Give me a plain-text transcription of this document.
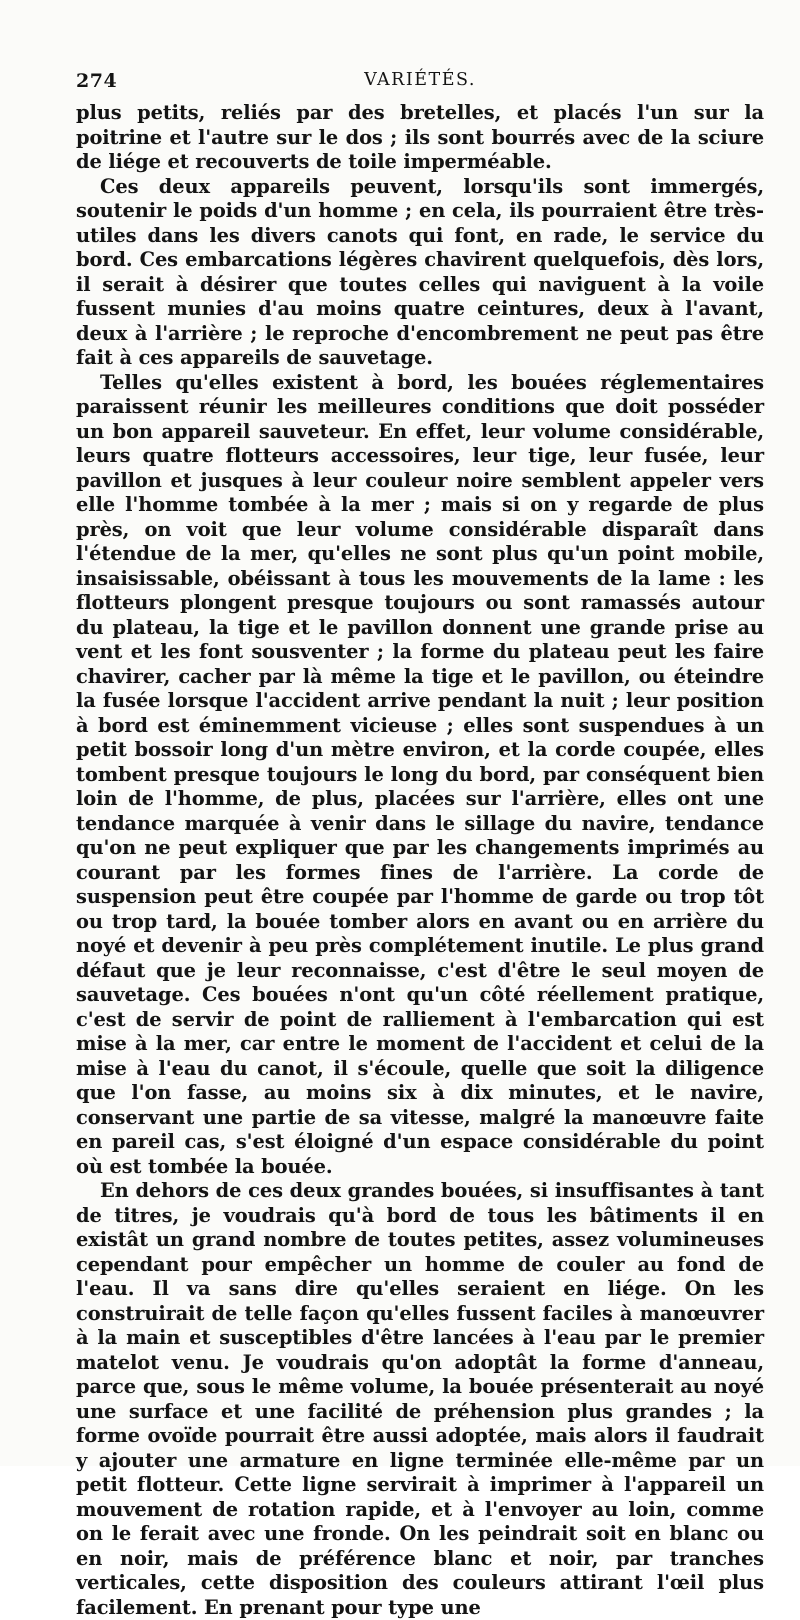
274	VARIÉTÉS.

plus petits, reliés par des bretelles, et placés l'un sur la poitrine et l'autre sur le dos ; ils sont bourrés avec de la sciure de liége et recouverts de toile imperméable.

Ces deux appareils peuvent, lorsqu'ils sont immergés, soutenir le poids d'un homme ; en cela, ils pourraient être très-utiles dans les divers canots qui font, en rade, le service du bord. Ces embarcations légères chavirent quelquefois, dès lors, il serait à désirer que toutes celles qui naviguent à la voile fussent munies d'au moins quatre ceintures, deux à l'avant, deux à l'arrière ; le reproche d'encombrement ne peut pas être fait à ces appareils de sauvetage.

Telles qu'elles existent à bord, les bouées réglementaires paraissent réunir les meilleures conditions que doit posséder un bon appareil sauveteur. En effet, leur volume considérable, leurs quatre flotteurs accessoires, leur tige, leur fusée, leur pavillon et jusques à leur couleur noire semblent appeler vers elle l'homme tombée à la mer ; mais si on y regarde de plus près, on voit que leur volume considérable disparaît dans l'étendue de la mer, qu'elles ne sont plus qu'un point mobile, insaisissable, obéissant à tous les mouvements de la lame : les flotteurs plongent presque toujours ou sont ramassés autour du plateau, la tige et le pavillon donnent une grande prise au vent et les font sousventer ; la forme du plateau peut les faire chavirer, cacher par là même la tige et le pavillon, ou éteindre la fusée lorsque l'accident arrive pendant la nuit ; leur position à bord est éminemment vicieuse ; elles sont suspendues à un petit bossoir long d'un mètre environ, et la corde coupée, elles tombent presque toujours le long du bord, par conséquent bien loin de l'homme, de plus, placées sur l'arrière, elles ont une tendance marquée à venir dans le sillage du navire, tendance qu'on ne peut expliquer que par les changements imprimés au courant par les formes fines de l'arrière. La corde de suspension peut être coupée par l'homme de garde ou trop tôt ou trop tard, la bouée tomber alors en avant ou en arrière du noyé et devenir à peu près complétement inutile. Le plus grand défaut que je leur reconnaisse, c'est d'être le seul moyen de sauvetage. Ces bouées n'ont qu'un côté réellement pratique, c'est de servir de point de ralliement à l'embarcation qui est mise à la mer, car entre le moment de l'accident et celui de la mise à l'eau du canot, il s'écoule, quelle que soit la diligence que l'on fasse, au moins six à dix minutes, et le navire, conservant une partie de sa vitesse, malgré la manœuvre faite en pareil cas, s'est éloigné d'un espace considérable du point où est tombée la bouée.

En dehors de ces deux grandes bouées, si insuffisantes à tant de titres, je voudrais qu'à bord de tous les bâtiments il en existât un grand nombre de toutes petites, assez volumineuses cependant pour empêcher un homme de couler au fond de l'eau. Il va sans dire qu'elles seraient en liége. On les construirait de telle façon qu'elles fussent faciles à manœuvrer à la main et susceptibles d'être lancées à l'eau par le premier matelot venu. Je voudrais qu'on adoptât la forme d'anneau, parce que, sous le même volume, la bouée présenterait au noyé une surface et une facilité de préhension plus grandes ; la forme ovoïde pourrait être aussi adoptée, mais alors il faudrait y ajouter une armature en ligne terminée elle-même par un petit flotteur. Cette ligne servirait à imprimer à l'appareil un mouvement de rotation rapide, et à l'envoyer au loin, comme on le ferait avec une fronde. On les peindrait soit en blanc ou en noir, mais de préférence blanc et noir, par tranches verticales, cette disposition des couleurs attirant l'œil plus facilement. En prenant pour type une
